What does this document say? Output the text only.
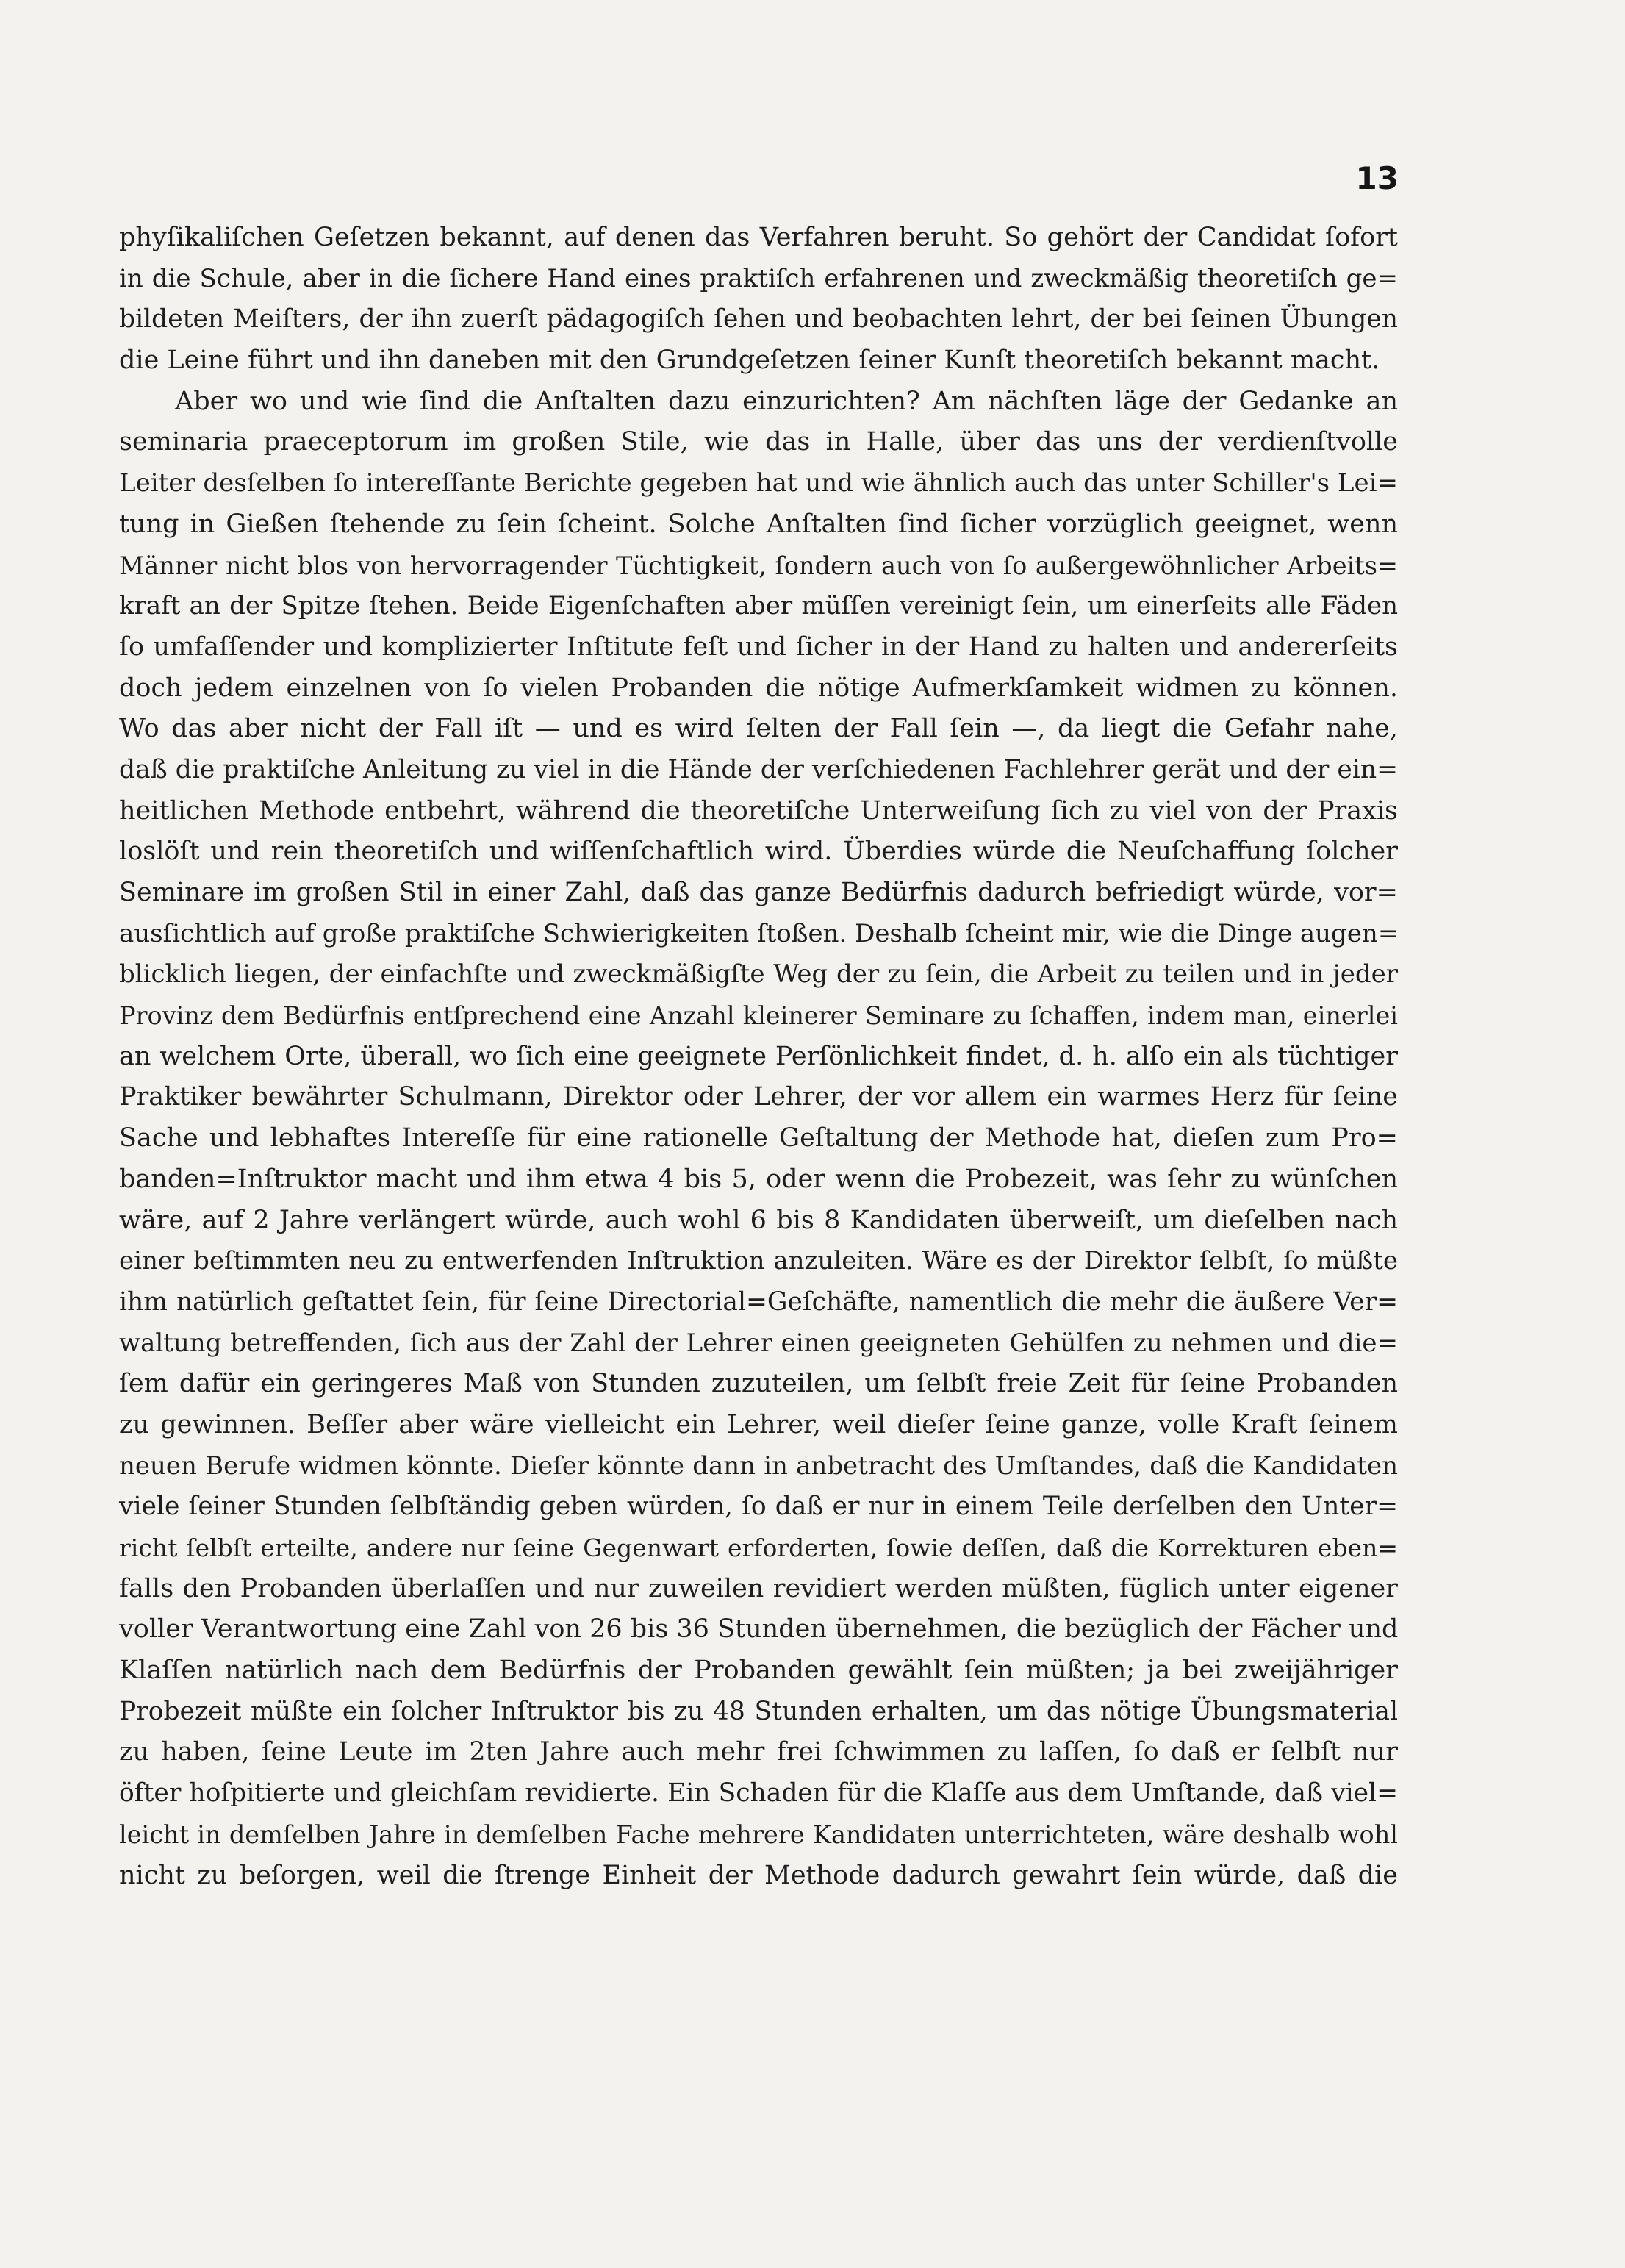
13
phyſikaliſchen Geſetzen bekannt, auf denen das Verfahren beruht. So gehört der Candidat ſofort
in die Schule, aber in die ſichere Hand eines praktiſch erfahrenen und zweckmäßig theoretiſch ge=
bildeten Meiſters, der ihn zuerſt pädagogiſch ſehen und beobachten lehrt, der bei ſeinen Übungen
die Leine führt und ihn daneben mit den Grundgeſetzen ſeiner Kunſt theoretiſch bekannt macht.
Aber wo und wie ſind die Anſtalten dazu einzurichten? Am nächſten läge der Gedanke an
seminaria praeceptorum im großen Stile, wie das in Halle, über das uns der verdienſtvolle
Leiter desſelben ſo intereſſante Berichte gegeben hat und wie ähnlich auch das unter Schiller's Lei=
tung in Gießen ſtehende zu ſein ſcheint. Solche Anſtalten ſind ſicher vorzüglich geeignet, wenn
Männer nicht blos von hervorragender Tüchtigkeit, ſondern auch von ſo außergewöhnlicher Arbeits=
kraft an der Spitze ſtehen. Beide Eigenſchaften aber müſſen vereinigt ſein, um einerſeits alle Fäden
ſo umfaſſender und komplizierter Inſtitute feſt und ſicher in der Hand zu halten und andererſeits
doch jedem einzelnen von ſo vielen Probanden die nötige Aufmerkſamkeit widmen zu können.
Wo das aber nicht der Fall iſt — und es wird ſelten der Fall ſein —, da liegt die Gefahr nahe,
daß die praktiſche Anleitung zu viel in die Hände der verſchiedenen Fachlehrer gerät und der ein=
heitlichen Methode entbehrt, während die theoretiſche Unterweiſung ſich zu viel von der Praxis
loslöſt und rein theoretiſch und wiſſenſchaftlich wird. Überdies würde die Neuſchaffung ſolcher
Seminare im großen Stil in einer Zahl, daß das ganze Bedürfnis dadurch befriedigt würde, vor=
ausſichtlich auf große praktiſche Schwierigkeiten ſtoßen. Deshalb ſcheint mir, wie die Dinge augen=
blicklich liegen, der einfachſte und zweckmäßigſte Weg der zu ſein, die Arbeit zu teilen und in jeder
Provinz dem Bedürfnis entſprechend eine Anzahl kleinerer Seminare zu ſchaffen, indem man, einerlei
an welchem Orte, überall, wo ſich eine geeignete Perſönlichkeit findet, d. h. alſo ein als tüchtiger
Praktiker bewährter Schulmann, Direktor oder Lehrer, der vor allem ein warmes Herz für ſeine
Sache und lebhaftes Intereſſe für eine rationelle Geſtaltung der Methode hat, dieſen zum Pro=
banden=Inſtruktor macht und ihm etwa 4 bis 5, oder wenn die Probezeit, was ſehr zu wünſchen
wäre, auf 2 Jahre verlängert würde, auch wohl 6 bis 8 Kandidaten überweiſt, um dieſelben nach
einer beſtimmten neu zu entwerfenden Inſtruktion anzuleiten. Wäre es der Direktor ſelbſt, ſo müßte
ihm natürlich geſtattet ſein, für ſeine Directorial=Geſchäfte, namentlich die mehr die äußere Ver=
waltung betreffenden, ſich aus der Zahl der Lehrer einen geeigneten Gehülfen zu nehmen und die=
ſem dafür ein geringeres Maß von Stunden zuzuteilen, um ſelbſt freie Zeit für ſeine Probanden
zu gewinnen. Beſſer aber wäre vielleicht ein Lehrer, weil dieſer ſeine ganze, volle Kraft ſeinem
neuen Berufe widmen könnte. Dieſer könnte dann in anbetracht des Umſtandes, daß die Kandidaten
viele ſeiner Stunden ſelbſtändig geben würden, ſo daß er nur in einem Teile derſelben den Unter=
richt ſelbſt erteilte, andere nur ſeine Gegenwart erforderten, ſowie deſſen, daß die Korrekturen eben=
falls den Probanden überlaſſen und nur zuweilen revidiert werden müßten, füglich unter eigener
voller Verantwortung eine Zahl von 26 bis 36 Stunden übernehmen, die bezüglich der Fächer und
Klaſſen natürlich nach dem Bedürfnis der Probanden gewählt ſein müßten; ja bei zweijähriger
Probezeit müßte ein ſolcher Inſtruktor bis zu 48 Stunden erhalten, um das nötige Übungsmaterial
zu haben, ſeine Leute im 2ten Jahre auch mehr frei ſchwimmen zu laſſen, ſo daß er ſelbſt nur
öfter hoſpitierte und gleichſam revidierte. Ein Schaden für die Klaſſe aus dem Umſtande, daß viel=
leicht in demſelben Jahre in demſelben Fache mehrere Kandidaten unterrichteten, wäre deshalb wohl
nicht zu beſorgen, weil die ſtrenge Einheit der Methode dadurch gewahrt ſein würde, daß die
